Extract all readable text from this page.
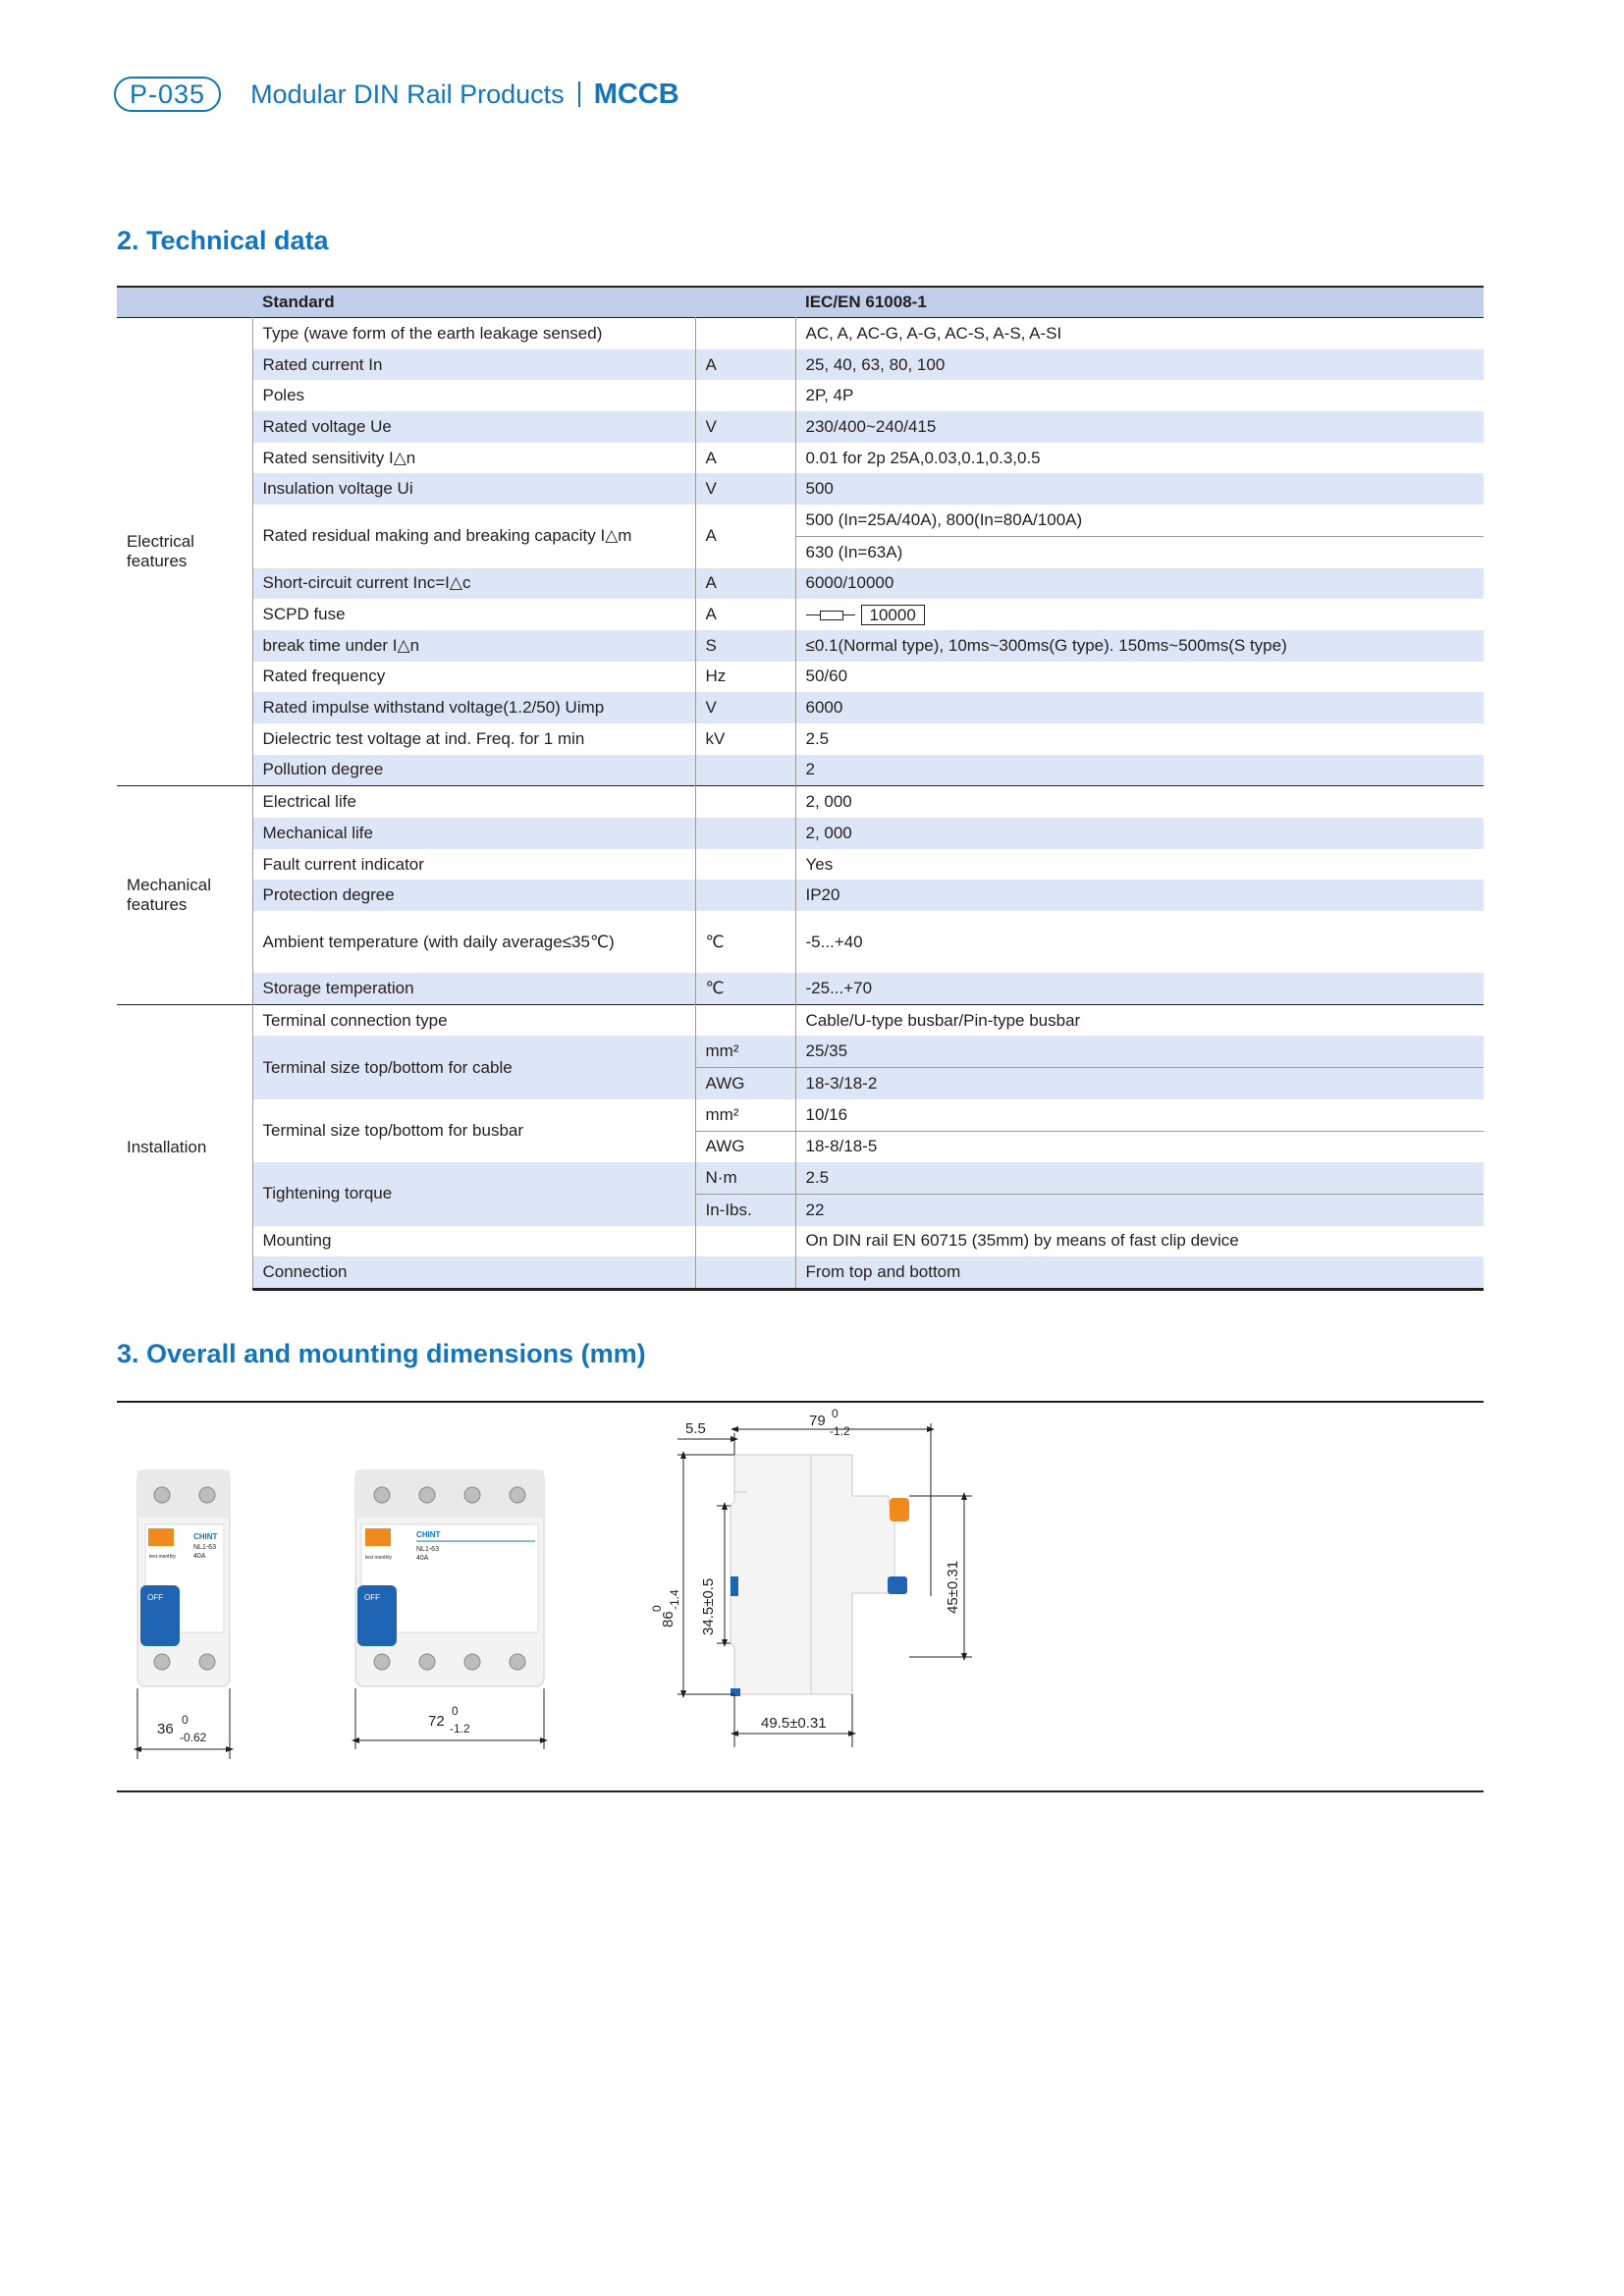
P-035	Modular DIN Rail Products MCCB
2. Technical data
	Standard		IEC/EN 61008-1
Electrical features	Type (wave form of the earth leakage sensed)		AC, A, AC-G, A-G, AC-S, A-S, A-SI
	Rated current In	A	25, 40, 63, 80, 100
	Poles		2P, 4P
	Rated voltage Ue	V	230/400~240/415
	Rated sensitivity I△n	A	0.01 for 2p 25A,0.03,0.1,0.3,0.5
	Insulation voltage Ui	V	500
	Rated residual making and breaking capacity I△m	A	500 (In=25A/40A), 800(In=80A/100A)
			630 (In=63A)
	Short-circuit current Inc=I△c	A	6000/10000
	SCPD fuse	A	10000
	break time under I△n	S	≤0.1(Normal type), 10ms~300ms(G type). 150ms~500ms(S type)
	Rated frequency	Hz	50/60
	Rated impulse withstand voltage(1.2/50) Uimp	V	6000
	Dielectric test voltage at ind. Freq. for 1 min	kV	2.5
	Pollution degree		2
Mechanical features	Electrical life		2, 000
	Mechanical life		2, 000
	Fault current indicator		Yes
	Protection degree		IP20
	Ambient temperature (with daily average≤35℃)	℃	-5...+40
	Storage temperation	℃	-25...+70
Installation	Terminal connection type		Cable/U-type busbar/Pin-type busbar
	Terminal size top/bottom for cable	mm²	25/35
		AWG	18-3/18-2
	Terminal size top/bottom for busbar	mm²	10/16
		AWG	18-8/18-5
	Tightening torque	N·m	2.5
		In-Ibs.	22
	Mounting		On DIN rail EN 60715 (35mm) by means of fast clip device
	Connection		From top and bottom

3. Overall and mounting dimensions (mm)
CHINT
NL1-63
40A
test monthly
OFF
36
0
-0.62
CHINT
NL1-63
40A
test monthly
OFF
72
0
-1.2
79 0
-1.2
5.5
86
0 -1.4 34.5±0.5	45±0.31
49.5±0.31
